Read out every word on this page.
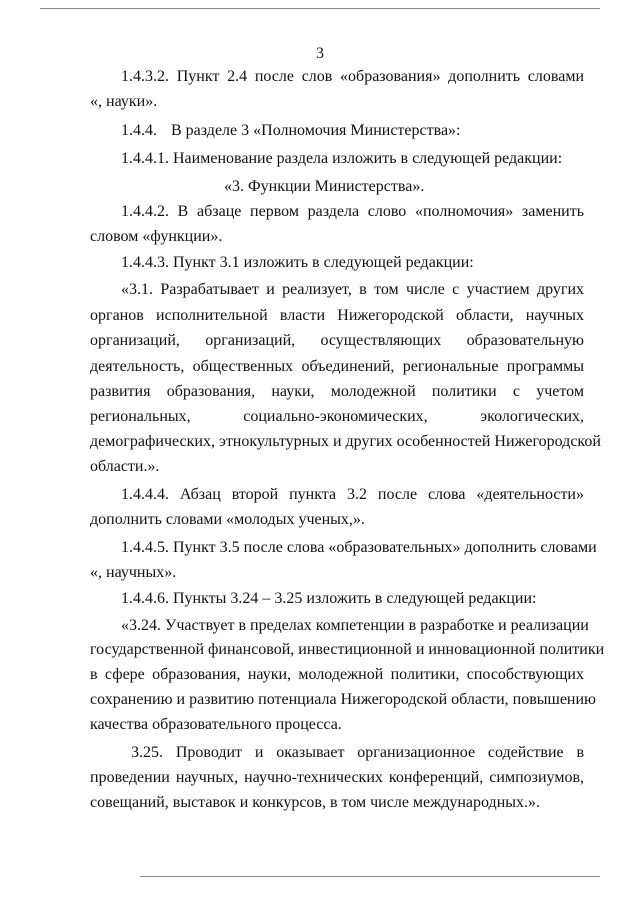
3
1.4.3.2. Пункт 2.4 после слов «образования» дополнить словами
«, науки».
1.4.4. В разделе 3 «Полномочия Министерства»:
1.4.4.1. Наименование раздела изложить в следующей редакции:
«3. Функции Министерства».
1.4.4.2. В абзаце первом раздела слово «полномочия» заменить
словом «функции».
1.4.4.3. Пункт 3.1 изложить в следующей редакции:
«3.1. Разрабатывает и реализует, в том числе с участием других
органов исполнительной власти Нижегородской области, научных
организаций, организаций, осуществляющих образовательную
деятельность, общественных объединений, региональные программы
развития образования, науки, молодежной политики с учетом
региональных, социально-экономических, экологических,
демографических, этнокультурных и других особенностей Нижегородской
области.».
1.4.4.4. Абзац второй пункта 3.2 после слова «деятельности»
дополнить словами «молодых ученых,».
1.4.4.5. Пункт 3.5 после слова «образовательных» дополнить словами
«, научных».
1.4.4.6. Пункты 3.24 – 3.25 изложить в следующей редакции:
«3.24. Участвует в пределах компетенции в разработке и реализации
государственной финансовой, инвестиционной и инновационной политики
в сфере образования, науки, молодежной политики, способствующих
сохранению и развитию потенциала Нижегородской области, повышению
качества образовательного процесса.
3.25. Проводит и оказывает организационное содействие в
проведении научных, научно-технических конференций, симпозиумов,
совещаний, выставок и конкурсов, в том числе международных.».
